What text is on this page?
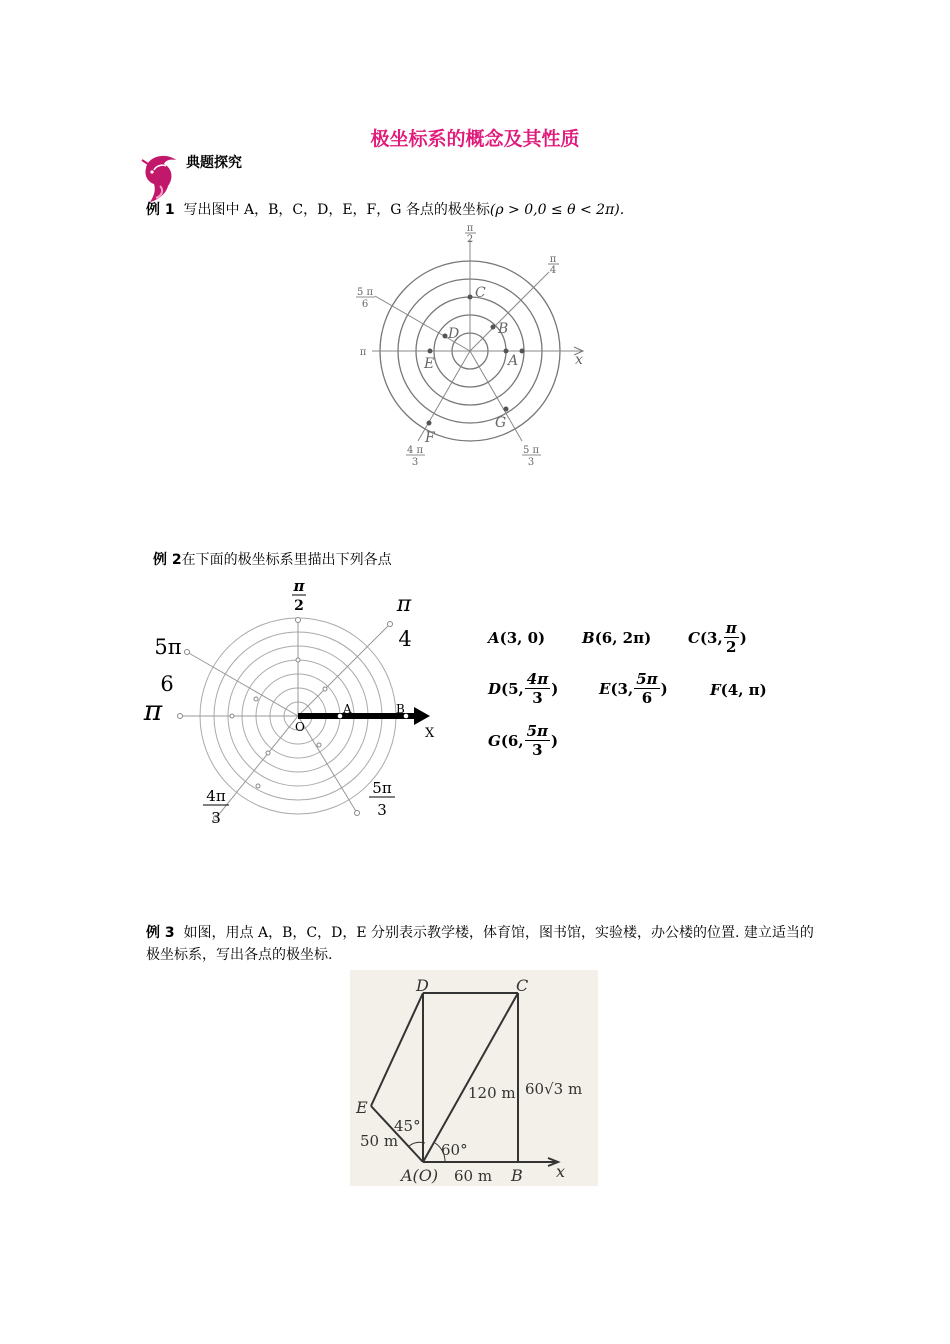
极坐标系的概念及其性质
典题探究
例 1 写出图中 A，B，C，D，E，F，G 各点的极坐标(ρ > 0,0 ≤ θ < 2π).
π
2
π
4
5 π
6
π
4 π
3
5 π
3
x
A
B
C
D
E
F
G
例 2在下面的极坐标系里描出下列各点
A	B
O	X
π
2	π
4
5π
6
π
4π
3
5π
3
A (3, 0) B (6, 2π) C (3, $\frac{\pi}{2}$ )
D (5, $\frac{4\pi}{3}$ )	E (3, $\frac{5\pi}{6}$ )	F (4, π)
G (6, $\frac{5\pi}{3}$ )
例 3 如图，用点 A，B，C，D，E 分别表示教学楼，体育馆，图书馆，实验楼，办公楼的位置. 建立适当的极坐标系，写出各点的极坐标.
D	C
E
A(O)	B x
120 m 60√3 m
50 m
60 m
45°
60°
